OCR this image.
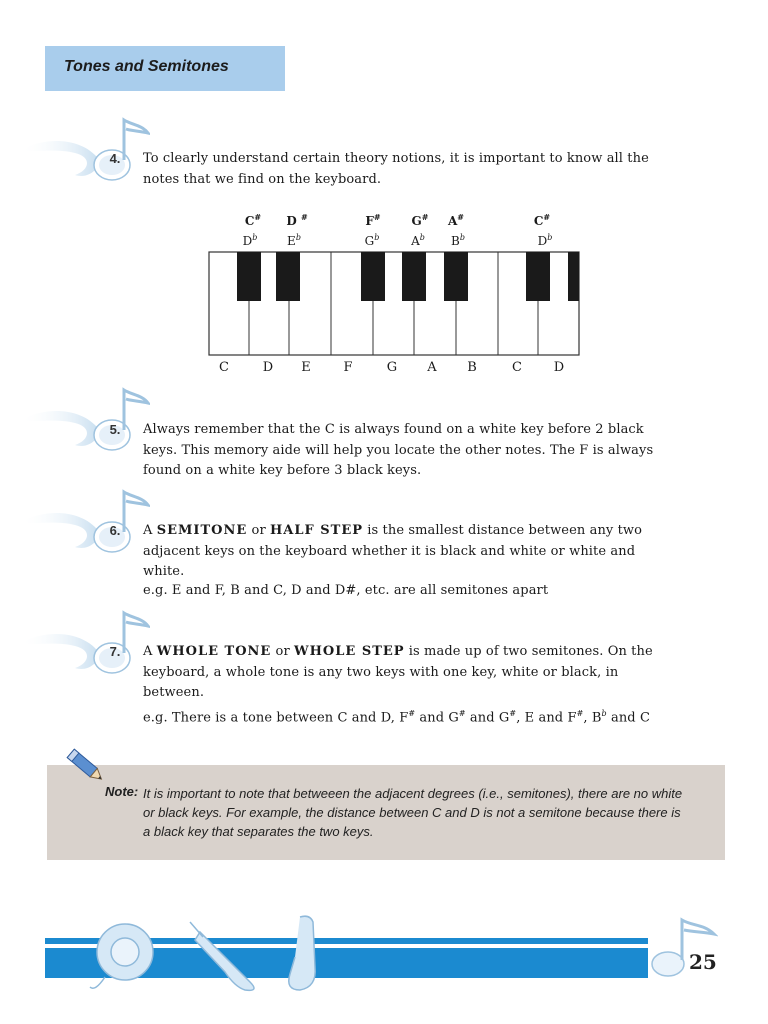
Tones and Semitones
4.	To clearly understand certain theory notions, it is important to know all the notes that we find on the keyboard.
C#	D #	F#	G#	A#	C#
$D^b$	$E^b$	$G^b$	$A^b$	$B^b$	$D^b$
C	D	E	F	G	A	B	C	D
5.	Always remember that the C is always found on a white key before 2 black keys. This memory aide will help you locate the other notes. The F is always found on a white key before 3 black keys.
6.	A SEMITONE or HALF STEP is the smallest distance between any two adjacent keys on the keyboard whether it is black and white or white and white.
e.g. E and F, B and C, D and D#, etc. are all semitones apart
7.	A WHOLE TONE or WHOLE STEP is made up of two semitones. On the keyboard, a whole tone is any two keys with one key, white or black, in between.
e.g. There is a tone between C and D, F# and G# and G#, E and F#, $B^b$ and C
Note: It is important to note that betweeen the adjacent degrees (i.e., semitones), there are no white or black keys. For example, the distance between C and D is not a semitone because there is a black key that separates the two keys.
25
